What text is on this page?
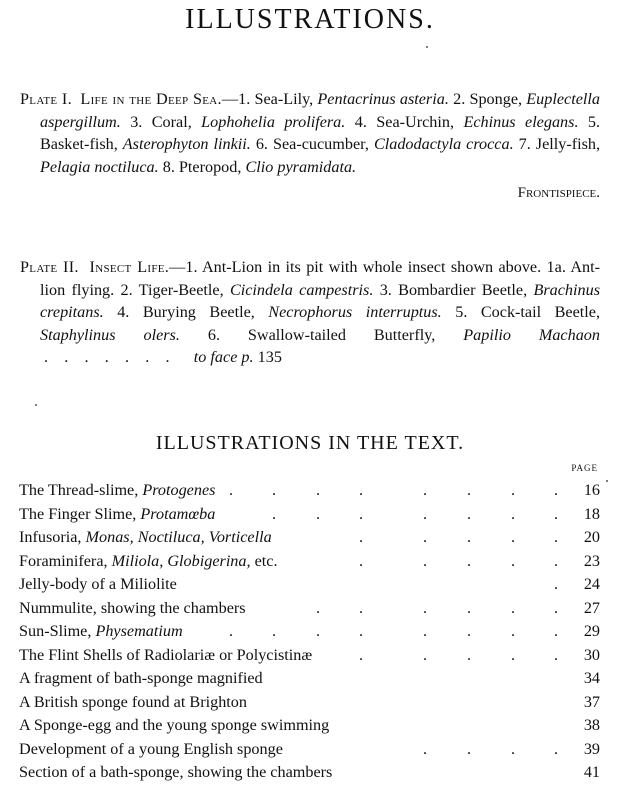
ILLUSTRATIONS.

Plate I. Life in the Deep Sea.—1. Sea-Lily, Pentacrinus asteria. 2. Sponge, Euplectella aspergillum. 3. Coral, Lophohelia prolifera. 4. Sea-Urchin, Echinus elegans. 5. Basket-fish, Asterophyton linkii. 6. Sea-cucumber, Cladodactyla crocca. 7. Jelly-fish, Pelagia noctiluca. 8. Pteropod, Clio pyramidata.

Frontispiece.

Plate II. Insect Life.—1. Ant-Lion in its pit with whole insect shown above. 1a. Ant-lion flying. 2. Tiger-Beetle, Cicindela campestris. 3. Bombardier Beetle, Brachinus crepitans. 4. Burying Beetle, Necrophorus interruptus. 5. Cock-tail Beetle, Staphylinus olers. 6. Swallow-tailed Butterfly, Papilio Machaon  .    .    .    .    .    .    .      to face p. 135

ILLUSTRATIONS IN THE TEXT.
PAGE
The Thread-slime, Protogenes . . . .	. . . .	16
The Finger Slime, Protamœba	. . .	. . . .	18
Infusoria, Monas, Noctiluca, Vorticella	.	. . . .	20
Foraminifera, Miliola, Globigerina, etc.	.	. . . .	23
Jelly-body of a Miliolite	.	24
Nummulite, showing the chambers	. .	. . . .	27
Sun-Slime, Physematium	. . . .	. . . .	29
The Flint Shells of Radiolariæ or Polycistinæ	.	. . . .	30
A fragment of bath-sponge magnified	34
A British sponge found at Brighton	37
A Sponge-egg and the young sponge swimming	38
Development of a young English sponge	. . . .	39
Section of a bath-sponge, showing the chambers	41
